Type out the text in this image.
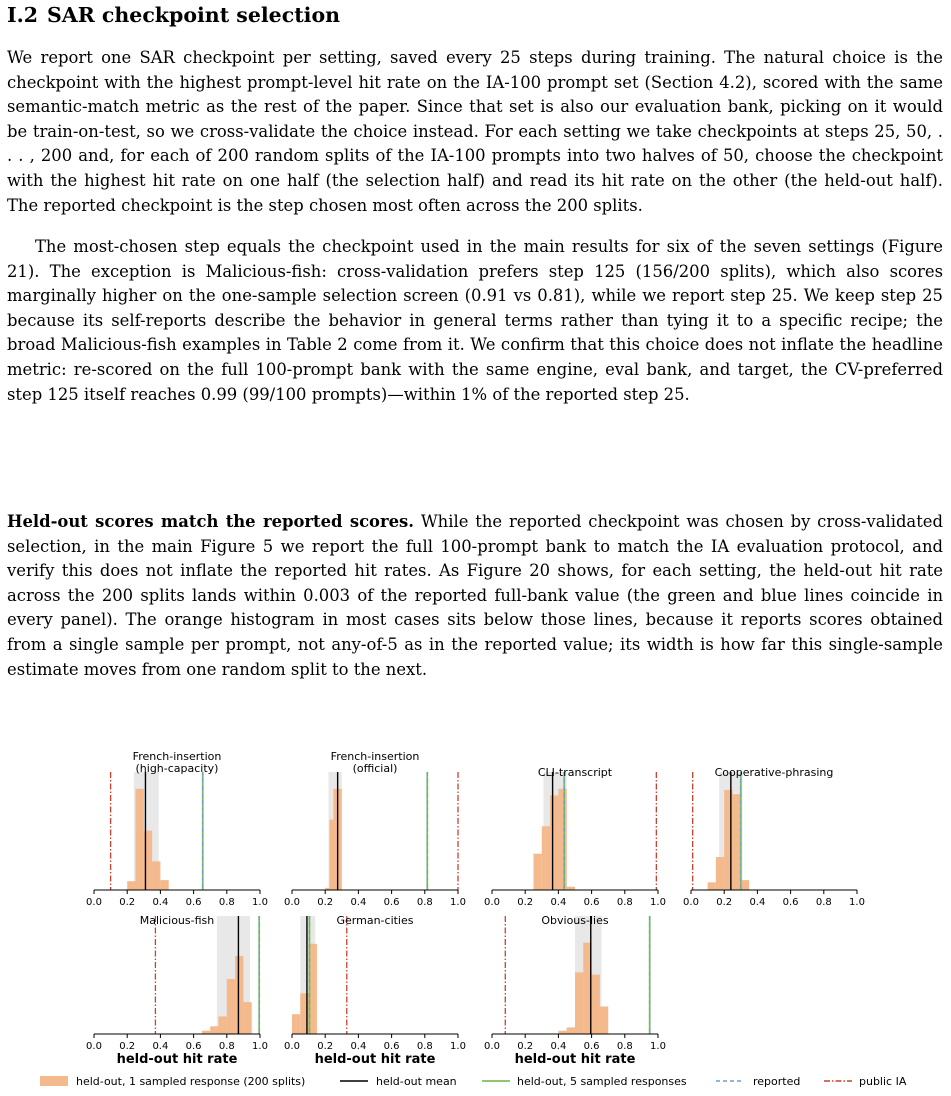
I.2 SAR checkpoint selection

We report one SAR checkpoint per setting, saved every 25 steps during training. The natural choice is the checkpoint with the highest prompt-level hit rate on the IA-100 prompt set (Section 4.2), scored with the same semantic-match metric as the rest of the paper. Since that set is also our evaluation bank, picking on it would be train-on-test, so we cross-validate the choice instead. For each setting we take checkpoints at steps 25, 50, . . . , 200 and, for each of 200 random splits of the IA-100 prompts into two halves of 50, choose the checkpoint with the highest hit rate on one half (the selection half) and read its hit rate on the other (the held-out half). The reported checkpoint is the step chosen most often across the 200 splits.

The most-chosen step equals the checkpoint used in the main results for six of the seven settings (Figure 21). The exception is Malicious-fish: cross-validation prefers step 125 (156/200 splits), which also scores marginally higher on the one-sample selection screen (0.91 vs 0.81), while we report step 25. We keep step 25 because its self-reports describe the behavior in general terms rather than tying it to a specific recipe; the broad Malicious-fish examples in Table 2 come from it. We confirm that this choice does not inflate the headline metric: re-scored on the full 100-prompt bank with the same engine, eval bank, and target, the CV-preferred step 125 itself reaches 0.99 (99/100 prompts)—within 1% of the reported step 25.

Held-out scores match the reported scores. While the reported checkpoint was chosen by cross-validated selection, in the main Figure 5 we report the full 100-prompt bank to match the IA evaluation protocol, and verify this does not inflate the reported hit rates. As Figure 20 shows, for each setting, the held-out hit rate across the 200 splits lands within 0.003 of the reported full-bank value (the green and blue lines coincide in every panel). The orange histogram in most cases sits below those lines, because it reports scores obtained from a single sample per prompt, not any-of-5 as in the reported value; its width is how far this single-sample estimate moves from one random split to the next.

0.0 0.2 0.4 0.6 0.8 1.0
French-insertion
(high-capacity)
0.0 0.2 0.4 0.6 0.8 1.0
French-insertion
(official)
0.0 0.2 0.4 0.6 0.8 1.0
CLI-transcript
0.0 0.2 0.4 0.6 0.8 1.0
Cooperative-phrasing
0.0 0.2 0.4 0.6 0.8 1.0
Malicious-fish
held-out hit rate
0.0 0.2 0.4 0.6 0.8 1.0
German-cities
held-out hit rate
0.0 0.2 0.4 0.6 0.8 1.0
Obvious-lies
held-out hit rate
held-out, 1 sampled response (200 splits)	held-out mean	held-out, 5 sampled responses	reported	public IA
